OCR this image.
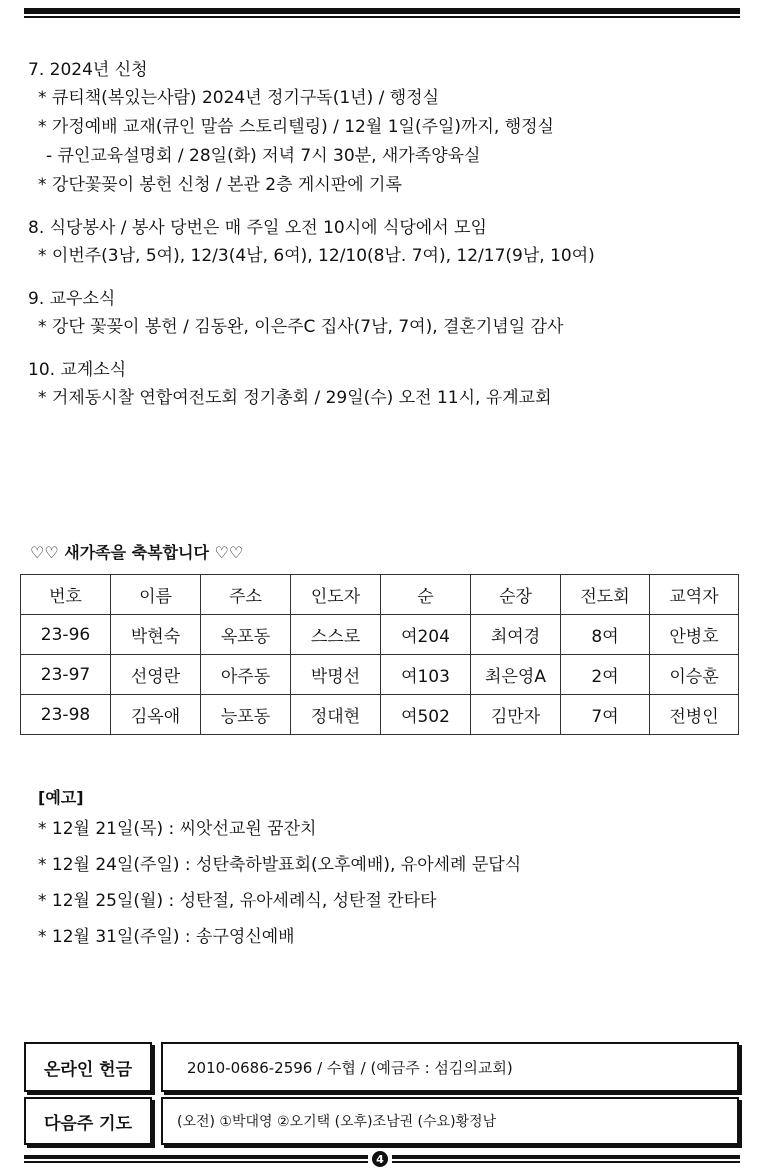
7. 2024년 신청
* 큐티책(복있는사람) 2024년 정기구독(1년) / 행정실
* 가정예배 교재(큐인 말씀 스토리텔링) / 12월 1일(주일)까지, 행정실
- 큐인교육설명회 / 28일(화) 저녁 7시 30분, 새가족양육실
* 강단꽃꽂이 봉헌 신청 / 본관 2층 게시판에 기록
8. 식당봉사 / 봉사 당번은 매 주일 오전 10시에 식당에서 모임
* 이번주(3남, 5여), 12/3(4남, 6여), 12/10(8남. 7여), 12/17(9남, 10여)
9. 교우소식
* 강단 꽃꽂이 봉헌 / 김동완, 이은주C 집사(7남, 7여), 결혼기념일 감사
10. 교계소식
* 거제동시찰 연합여전도회 정기총회 / 29일(수) 오전 11시, 유계교회
♡♡ 새가족을 축복합니다 ♡♡
번호	이름	주소	인도자	순	순장	전도회	교역자
23-96	박현숙	옥포동	스스로	여204	최여경	8여	안병호
23-97	선영란	아주동	박명선	여103	최은영A	2여	이승훈
23-98	김옥애	능포동	정대현	여502	김만자	7여	전병인
[예고]
* 12월 21일(목) : 씨앗선교원 꿈잔치
* 12월 24일(주일) : 성탄축하발표회(오후예배), 유아세례 문답식
* 12월 25일(월) : 성탄절, 유아세례식, 성탄절 칸타타
* 12월 31일(주일) : 송구영신예배
온라인 헌금	2010-0686-2596 / 수협 / (예금주 : 섬김의교회)
다음주 기도	(오전) ①박대영 ②오기택 (오후)조남권 (수요)황정남
4
